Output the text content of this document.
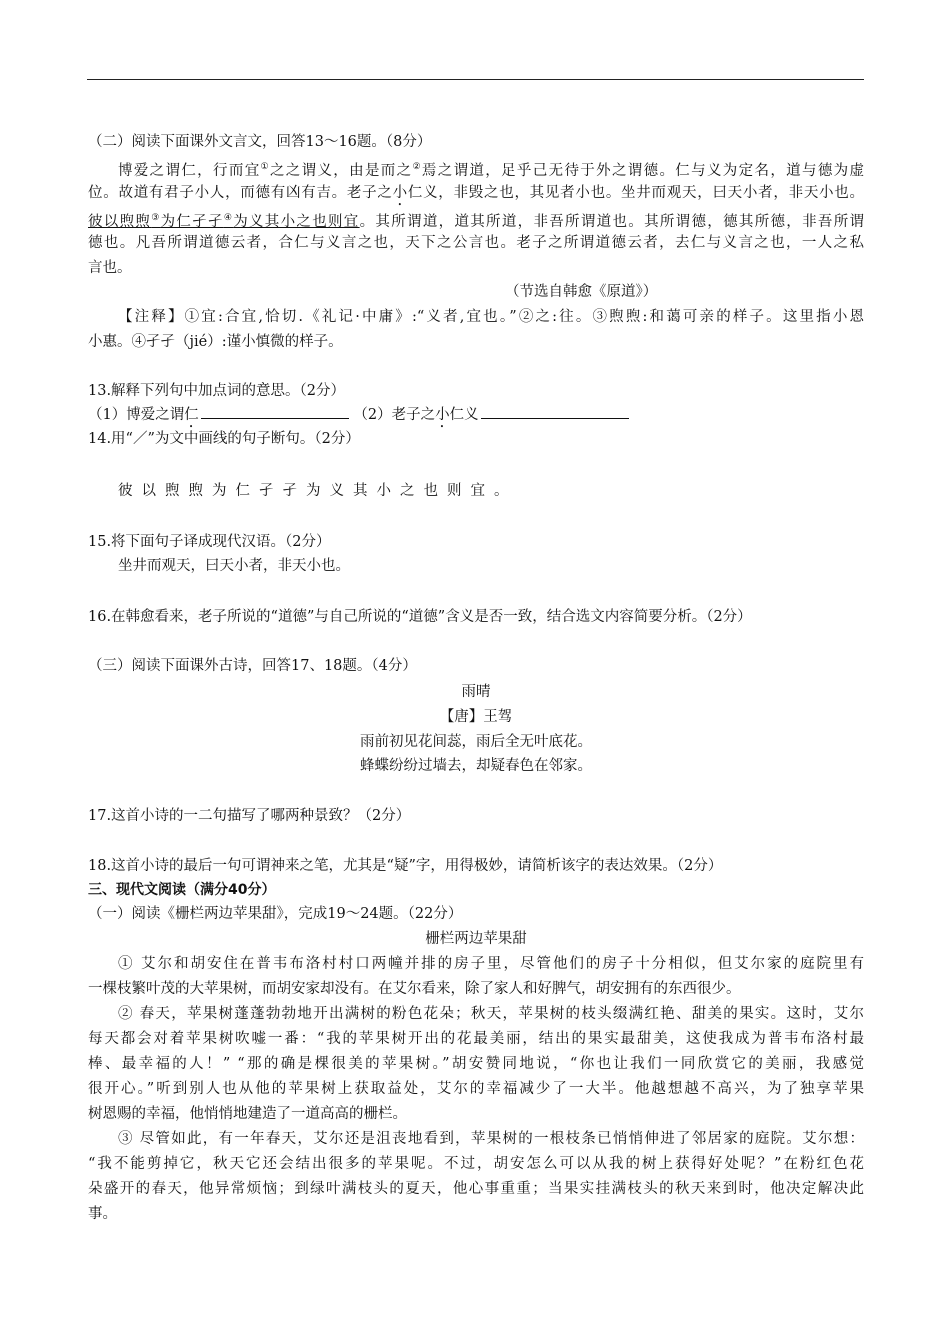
（二）阅读下面课外文言文，回答13～16题。（8分）
博爱之谓仁，行而宜①之之谓义，由是而之②焉之谓道，足乎己无待于外之谓德。仁与义为定名，道与德为虚
位。故道有君子小人，而德有凶有吉。老子之小仁义，非毁之也，其见者小也。坐井而观天，曰天小者，非天小也。
彼以煦煦③为仁孑孑④为义其小之也则宜。其所谓道，道其所道，非吾所谓道也。其所谓德，德其所德，非吾所谓
德也。凡吾所谓道德云者，合仁与义言之也，天下之公言也。老子之所谓道德云者，去仁与义言之也，一人之私
言也。
（节选自韩愈《原道》）
【注释】①宜:合宜,恰切.《礼记·中庸》:“义者,宜也。”②之:往。③煦煦:和蔼可亲的样子。这里指小恩
小惠。④孑孑（jié）:谨小慎微的样子。
13.解释下列句中加点词的意思。（2分）
（1）博爱之谓仁	（2）老子之小仁义
14.用“／”为文中画线的句子断句。（2分）
彼以煦煦为仁孑孑为义其小之也则宜。
15.将下面句子译成现代汉语。（2分）
坐井而观天，曰天小者，非天小也。
16.在韩愈看来，老子所说的“道德”与自己所说的“道德”含义是否一致，结合选文内容简要分析。（2分）
（三）阅读下面课外古诗，回答17、18题。（4分）
雨晴
【唐】王驾
雨前初见花间蕊，雨后全无叶底花。
蜂蝶纷纷过墙去，却疑春色在邻家。
17.这首小诗的一二句描写了哪两种景致？（2分）
18.这首小诗的最后一句可谓神来之笔，尤其是“疑”字，用得极妙，请简析该字的表达效果。（2分）
三、现代文阅读（满分40分）
（一）阅读《栅栏两边苹果甜》，完成19～24题。（22分）
栅栏两边苹果甜
① 艾尔和胡安住在普韦布洛村村口两幢并排的房子里，尽管他们的房子十分相似，但艾尔家的庭院里有
一棵枝繁叶茂的大苹果树，而胡安家却没有。在艾尔看来，除了家人和好脾气，胡安拥有的东西很少。
② 春天，苹果树蓬蓬勃勃地开出满树的粉色花朵；秋天，苹果树的枝头缀满红艳、甜美的果实。这时，艾尔
每天都会对着苹果树吹嘘一番：“我的苹果树开出的花最美丽，结出的果实最甜美，这使我成为普韦布洛村最
棒、最幸福的人！” “那的确是棵很美的苹果树。”胡安赞同地说，“你也让我们一同欣赏它的美丽，我感觉
很开心。”听到别人也从他的苹果树上获取益处，艾尔的幸福减少了一大半。他越想越不高兴，为了独享苹果
树恩赐的幸福，他悄悄地建造了一道高高的栅栏。
③ 尽管如此，有一年春天，艾尔还是沮丧地看到，苹果树的一根枝条已悄悄伸进了邻居家的庭院。艾尔想：
“我不能剪掉它，秋天它还会结出很多的苹果呢。不过，胡安怎么可以从我的树上获得好处呢？”在粉红色花
朵盛开的春天，他异常烦恼；到绿叶满枝头的夏天，他心事重重；当果实挂满枝头的秋天来到时，他决定解决此
事。
